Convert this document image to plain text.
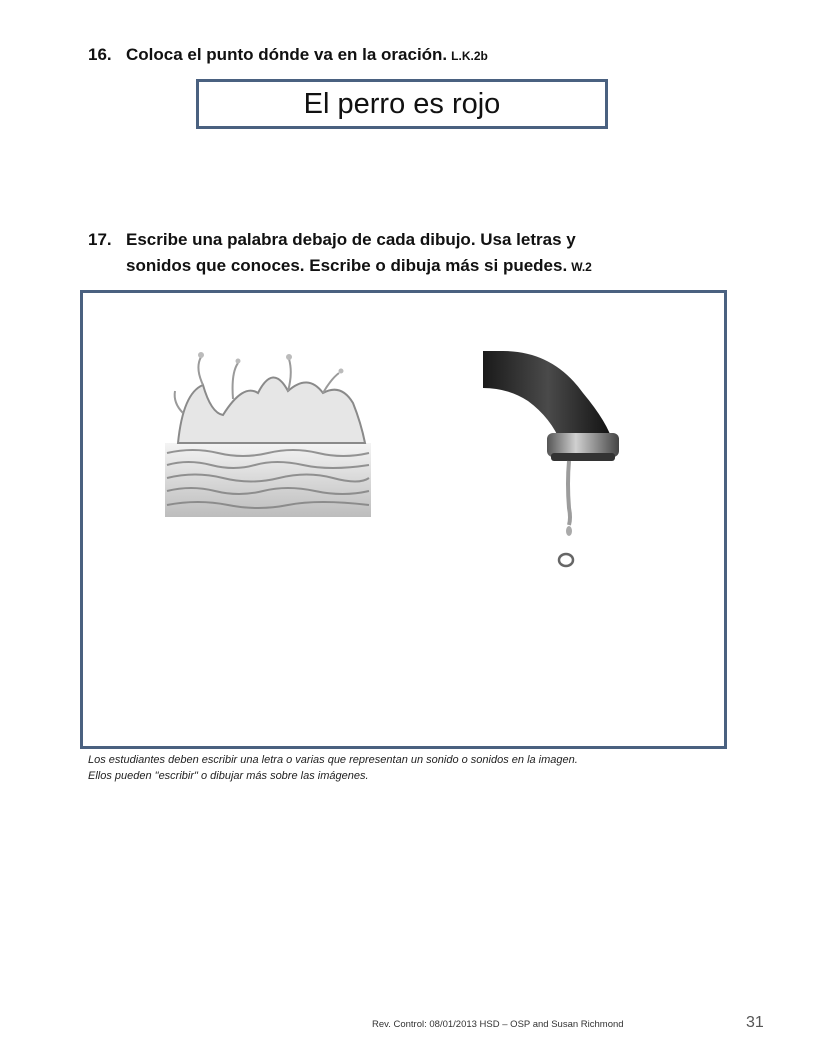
16. Coloca el punto dónde va en la oración. L.K.2b
El perro es rojo
17. Escribe una palabra debajo de cada dibujo. Usa letras y
sonidos que conoces. Escribe o dibuja más si puedes. W.2
Los estudiantes deben escribir una letra o varias que representan un sonido o sonidos en la imagen.
Ellos pueden "escribir" o dibujar más sobre las imágenes.
Rev. Control: 08/01/2013 HSD – OSP and Susan Richmond	31
